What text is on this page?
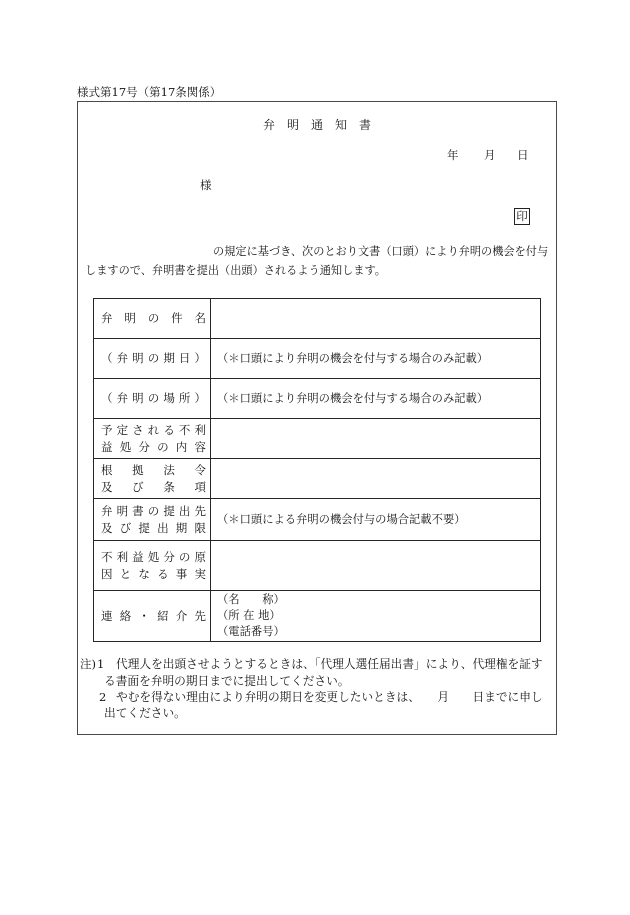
様式第17号（第17条関係）
弁 明 通 知 書
年 月 日
様
印
の規定に基づき、次のとおり文書（口頭）により弁明の機会を付与
しますので、弁明書を提出（出頭）されるよう通知します。
弁 明 の 件 名
（ 弁 明 の 期 日 ） （＊口頭により弁明の機会を付与する場合のみ記載）
（ 弁 明 の 場 所 ） （＊口頭により弁明の機会を付与する場合のみ記載）
予 定 さ れ る 不 利
益 処 分 の 内 容
根 拠 法 令
及 び 条 項
弁 明 書 の 提 出 先
及 び 提 出 期 限
（＊口頭による弁明の機会付与の場合記載不要）
不 利 益 処 分 の 原
因 と な る 事 実
連 絡 ・ 紹 介 先
（名　　称）
（所 在 地）
（電話番号）
注) 1 代理人を出頭させようとするときは、「代理人選任届出書」により、代理権を証す
る書面を弁明の期日までに提出してください。
2 やむを得ない理由により弁明の期日を変更したいときは、　　月　　日までに申し
出てください。
